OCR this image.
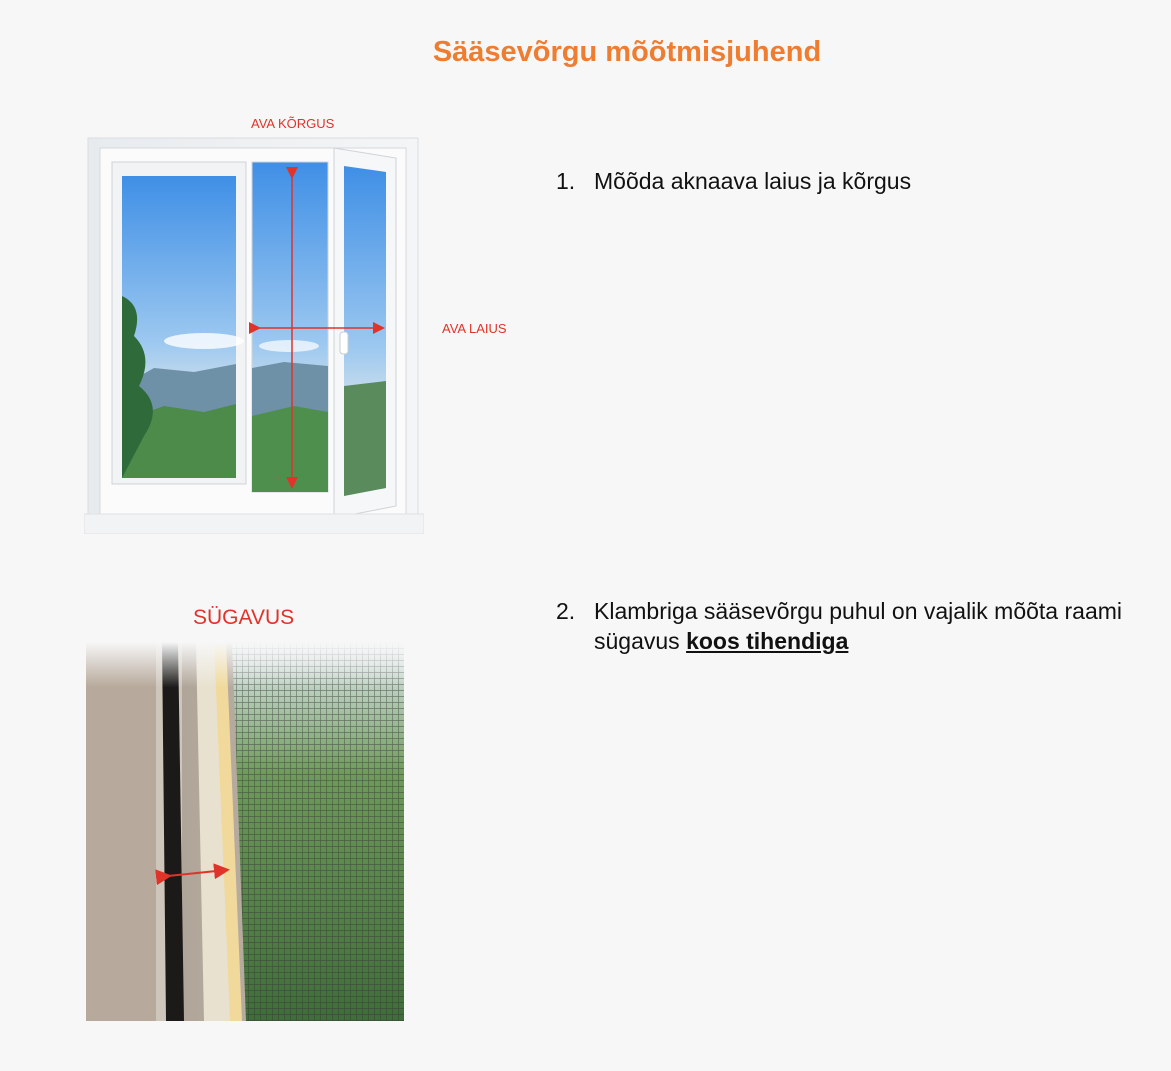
Sääsevõrgu mõõtmisjuhend
AVA KÕRGUS
AVA LAIUS
SÜGAVUS
1. Mõõda aknaava laius ja kõrgus
2. Klambriga sääsevõrgu puhul on vajalik mõõta raami sügavus koos tihendiga
